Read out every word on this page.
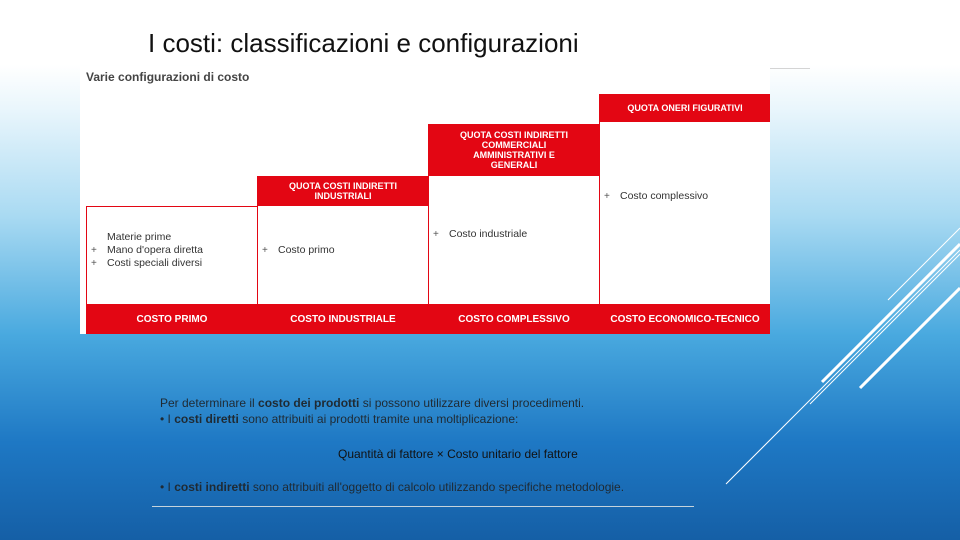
I costi: classificazioni e configurazioni
Varie configurazioni di costo
Materie prime
+ Mano d'opera diretta
+ Costi speciali diversi
COSTO PRIMO
QUOTA COSTI INDIRETTI INDUSTRIALI
+ Costo primo
COSTO INDUSTRIALE
QUOTA COSTI INDIRETTI COMMERCIALI AMMINISTRATIVI E GENERALI
+ Costo industriale
COSTO COMPLESSIVO
QUOTA ONERI FIGURATIVI
+ Costo complessivo
COSTO ECONOMICO-TECNICO
Per determinare il costo dei prodotti si possono utilizzare diversi procedimenti.
• I costi diretti sono attribuiti ai prodotti tramite una moltiplicazione:
Quantità di fattore × Costo unitario del fattore
• I costi indiretti sono attribuiti all'oggetto di calcolo utilizzando specifiche metodologie.
